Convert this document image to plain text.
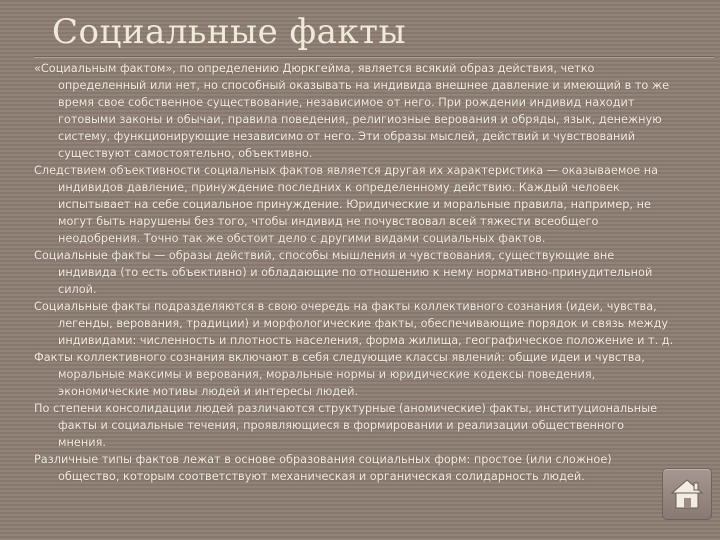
Социальные факты

«Социальным фактом», по определению Дюркгейма, является всякий образ действия, четко определенный или нет, но способный оказывать на индивида внешнее давление и имеющий в то же время свое собственное существование, независимое от него. При рождении индивид находит готовыми законы и обычаи, правила поведения, религиозные верования и обряды, язык, денежную систему, функционирующие независимо от него. Эти образы мыслей, действий и чувствований существуют самостоятельно, объективно.

Следствием объективности социальных фактов является другая их характеристика — оказываемое на индивидов давление, принуждение последних к определенному действию. Каждый человек испытывает на себе социальное принуждение. Юридические и моральные правила, например, не могут быть нарушены без того, чтобы индивид не почувствовал всей тяжести всеобщего неодобрения. Точно так же обстоит дело с другими видами социальных фактов.

Социальные факты — образы действий, способы мышления и чувствования, существующие вне индивида (то есть объективно) и обладающие по отношению к нему нормативно-принудительной силой.

Социальные факты подразделяются в свою очередь на факты коллективного сознания (идеи, чувства, легенды, верования, традиции) и морфологические факты, обеспечивающие порядок и связь между индивидами: численность и плотность населения, форма жилища, географическое положение и т. д.

Факты коллективного сознания включают в себя следующие классы явлений: общие идеи и чувства, моральные максимы и верования, моральные нормы и юридические кодексы поведения, экономические мотивы людей и интересы людей.

По степени консолидации людей различаются структурные (аномические) факты, институциональные факты и социальные течения, проявляющиеся в формировании и реализации общественного мнения.

Различные типы фактов лежат в основе образования социальных форм: простое (или сложное) общество, которым соответствуют механическая и органическая солидарность людей.
